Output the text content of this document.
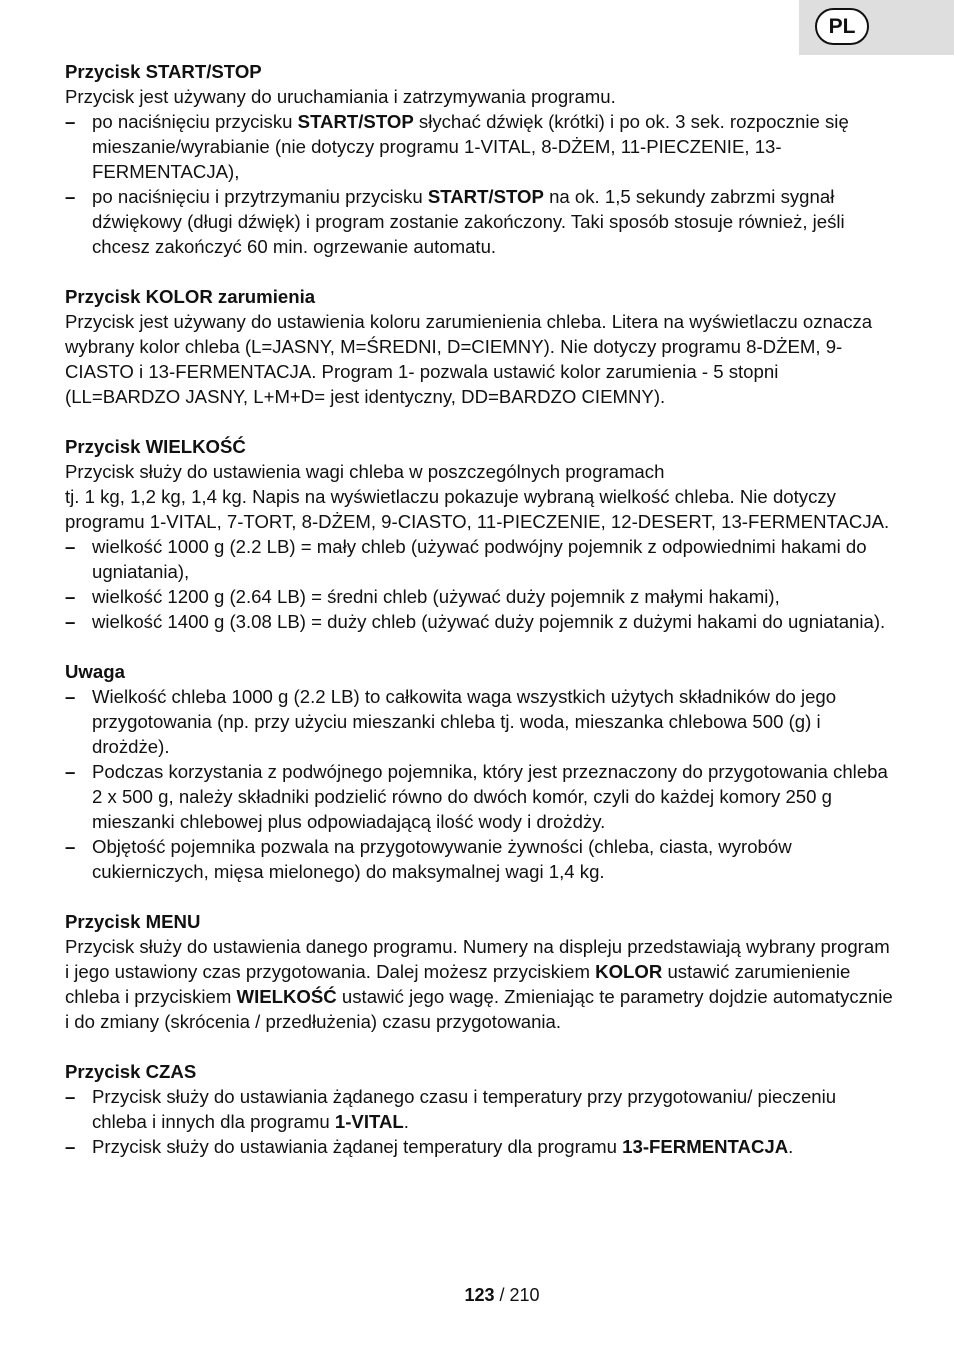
PL
Przycisk START/STOP
Przycisk jest używany do uruchamiania i zatrzymywania programu.
– po naciśnięciu przycisku START/STOP słychać dźwięk (krótki) i po ok. 3 sek. rozpocznie się mieszanie/wyrabianie (nie dotyczy programu 1-VITAL, 8-DŻEM, 11-PIECZENIE, 13- FERMENTACJA),
– po naciśnięciu i przytrzymaniu przycisku START/STOP na ok. 1,5 sekundy zabrzmi sygnał dźwiękowy (długi dźwięk) i program zostanie zakończony. Taki sposób stosuje również, jeśli chcesz zakończyć 60 min. ogrzewanie automatu.
Przycisk KOLOR zarumienia
Przycisk jest używany do ustawienia koloru zarumienienia chleba. Litera na wyświetlaczu oznacza wybrany kolor chleba (L=JASNY, M=ŚREDNI, D=CIEMNY). Nie dotyczy programu 8-DŻEM, 9-CIASTO i 13-FERMENTACJA. Program 1- pozwala ustawić kolor zarumienia - 5 stopni (LL=BARDZO JASNY, L+M+D= jest identyczny, DD=BARDZO CIEMNY).
Przycisk WIELKOŚĆ
Przycisk służy do ustawienia wagi chleba w poszczególnych programach
tj. 1 kg, 1,2 kg, 1,4 kg. Napis na wyświetlaczu pokazuje wybraną wielkość chleba. Nie dotyczy programu 1-VITAL, 7-TORT, 8-DŻEM, 9-CIASTO, 11-PIECZENIE, 12-DESERT, 13-FERMENTACJA.
– wielkość 1000 g (2.2 LB) = mały chleb (używać podwójny pojemnik z odpowiednimi hakami do ugniatania),
– wielkość 1200 g (2.64 LB) = średni chleb (używać duży pojemnik z małymi hakami),
– wielkość 1400 g (3.08 LB) = duży chleb (używać duży pojemnik z dużymi hakami do ugniatania).
Uwaga
– Wielkość chleba 1000 g (2.2 LB) to całkowita waga wszystkich użytych składników do jego przygotowania (np. przy użyciu mieszanki chleba tj. woda, mieszanka chlebowa 500 (g) i drożdże).
– Podczas korzystania z podwójnego pojemnika, który jest przeznaczony do przygotowania chleba 2 x 500 g, należy składniki podzielić równo do dwóch komór, czyli do każdej komory 250 g mieszanki chlebowej plus odpowiadającą ilość wody i drożdży.
– Objętość pojemnika pozwala na przygotowywanie żywności (chleba, ciasta, wyrobów cukierniczych, mięsa mielonego) do maksymalnej wagi 1,4 kg.
Przycisk MENU
Przycisk służy do ustawienia danego programu. Numery na displeju przedstawiają wybrany program i jego ustawiony czas przygotowania. Dalej możesz przyciskiem KOLOR ustawić zarumienienie chleba i przyciskiem WIELKOŚĆ ustawić jego wagę. Zmieniając te parametry dojdzie automatycznie i do zmiany (skrócenia / przedłużenia) czasu przygotowania.
Przycisk CZAS
– Przycisk służy do ustawiania żądanego czasu i temperatury przy przygotowaniu/ pieczeniu chleba i innych dla programu 1-VITAL.
– Przycisk służy do ustawiania żądanej temperatury dla programu 13-FERMENTACJA.
123 / 210
